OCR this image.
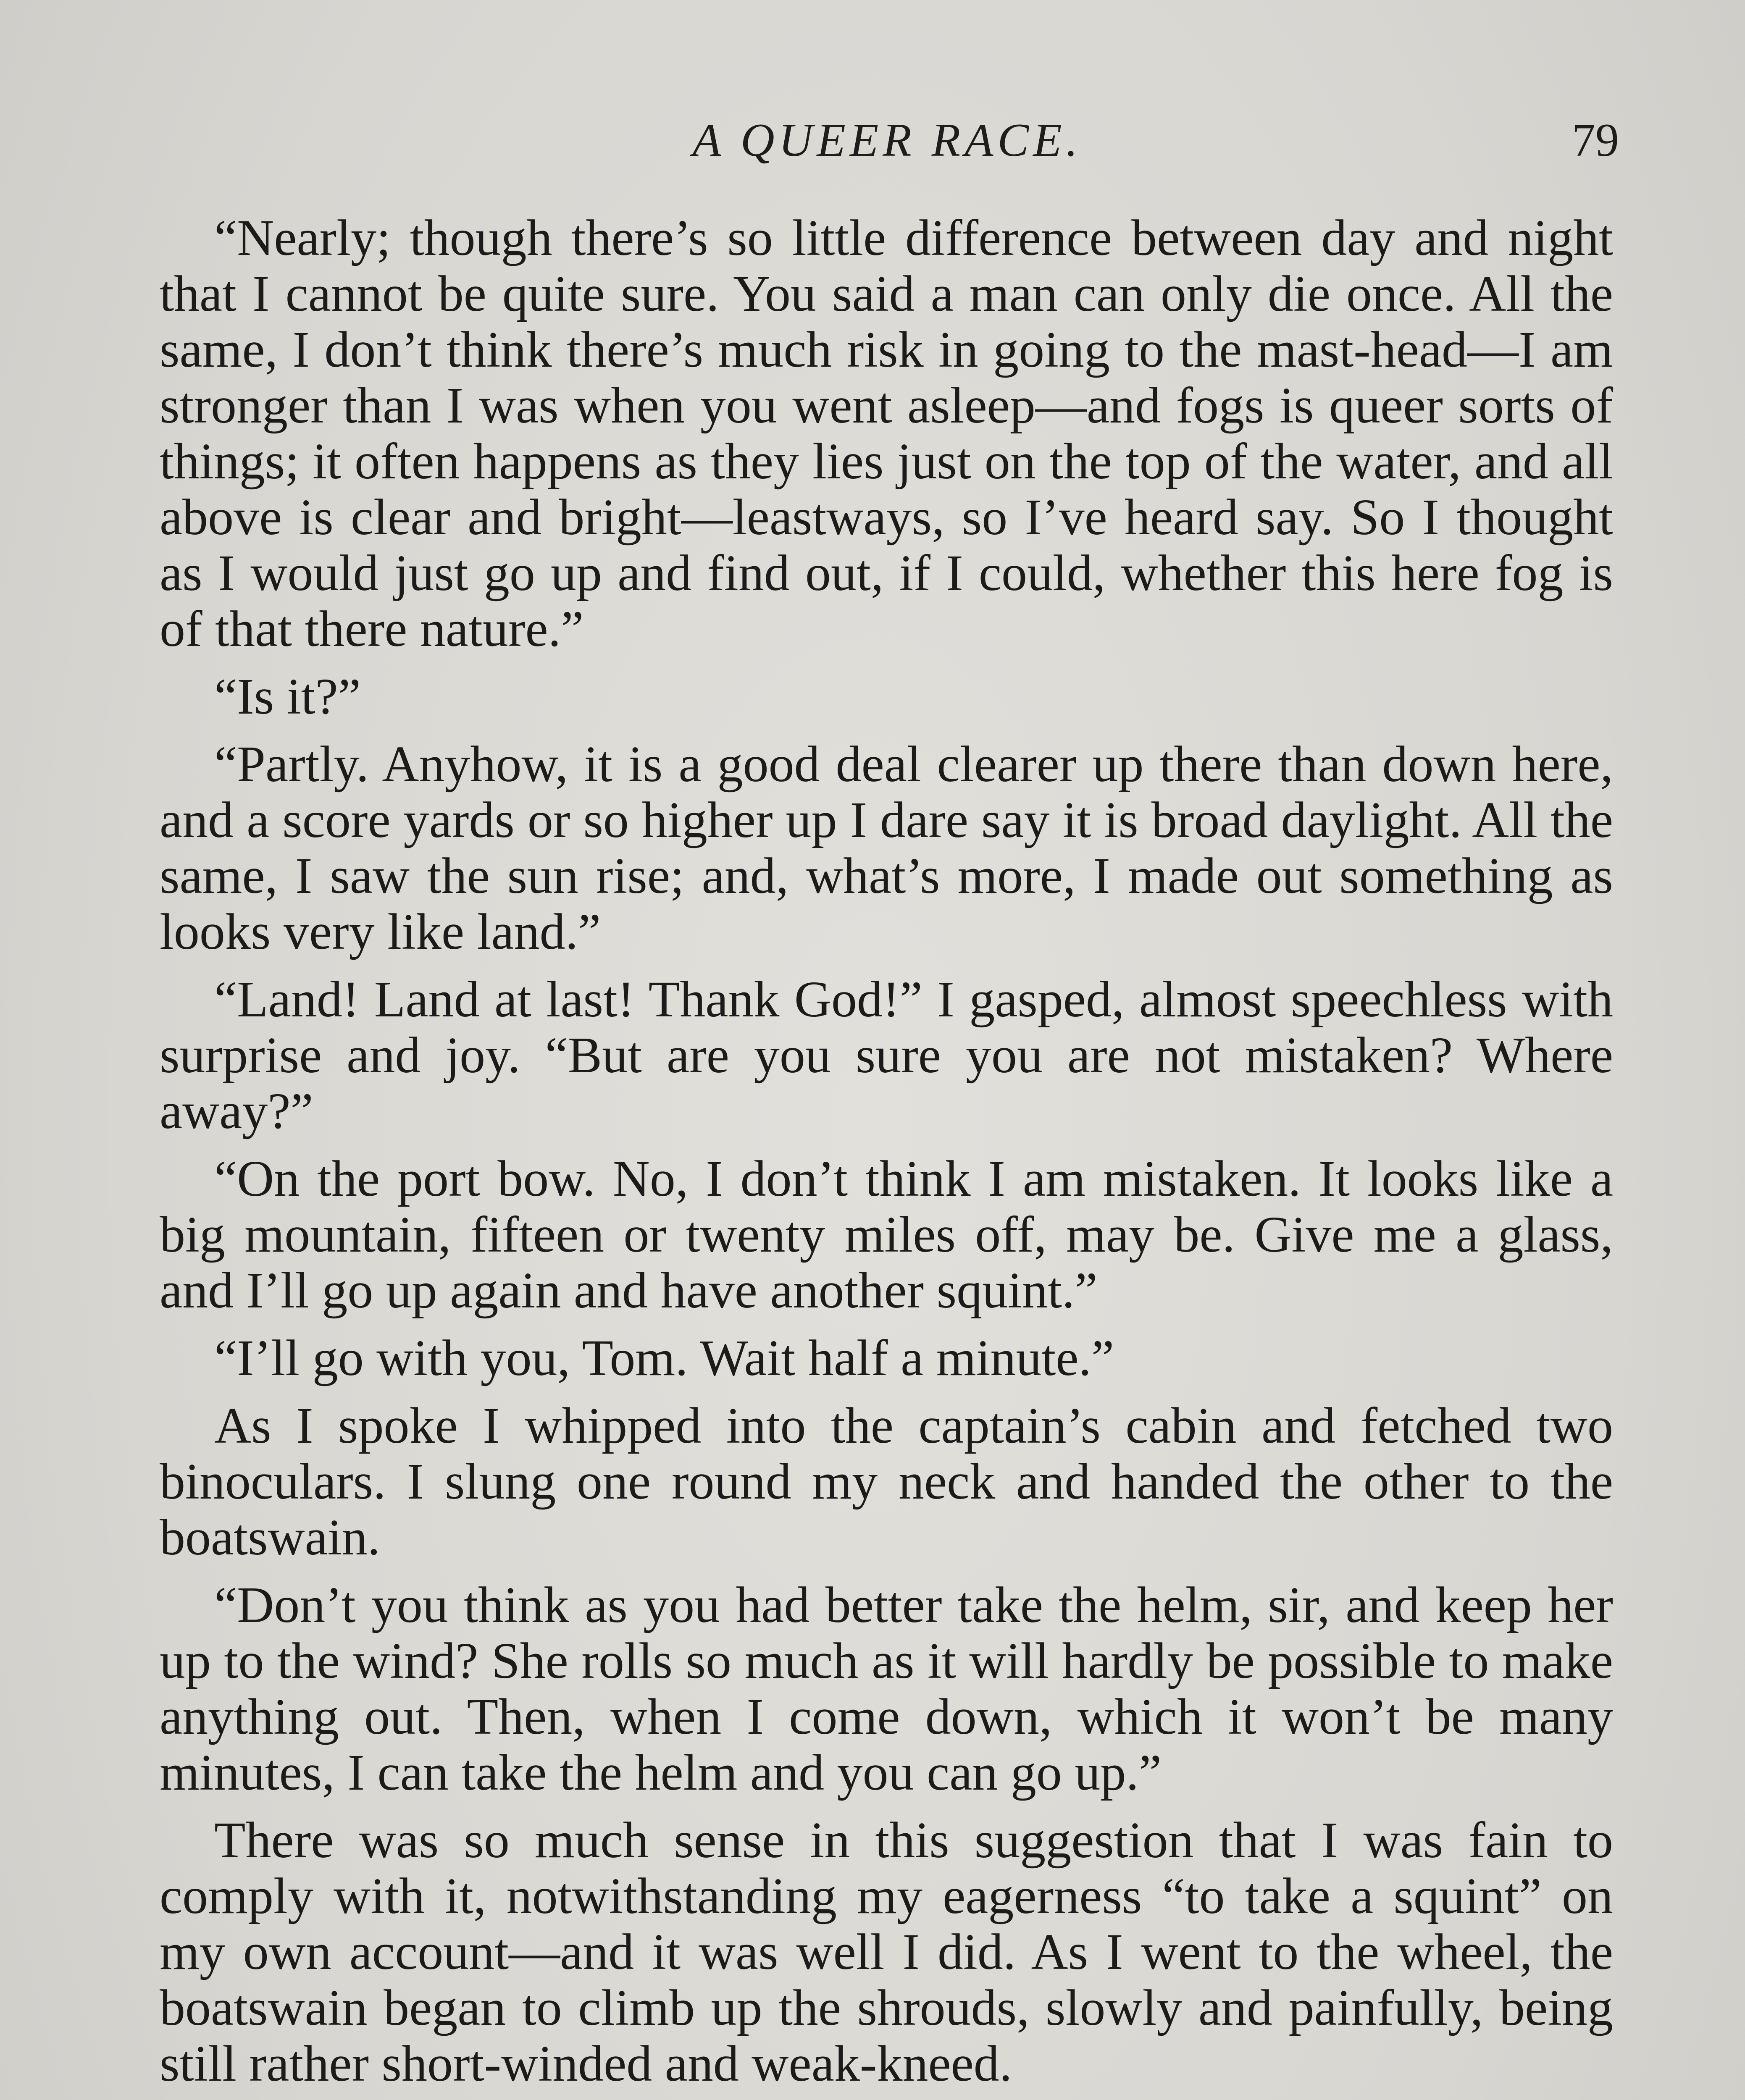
A QUEER RACE.	79

“Nearly; though there’s so little difference between day and night that I cannot be quite sure. You said a man can only die once. All the same, I don’t think there’s much risk in going to the mast-head—I am stronger than I was when you went asleep—and fogs is queer sorts of things; it often happens as they lies just on the top of the water, and all above is clear and bright—leastways, so I’ve heard say. So I thought as I would just go up and find out, if I could, whether this here fog is of that there nature.”

“Is it?”

“Partly. Anyhow, it is a good deal clearer up there than down here, and a score yards or so higher up I dare say it is broad daylight. All the same, I saw the sun rise; and, what’s more, I made out something as looks very like land.”

“Land! Land at last! Thank God!” I gasped, almost speechless with surprise and joy. “But are you sure you are not mistaken? Where away?”

“On the port bow. No, I don’t think I am mistaken. It looks like a big mountain, fifteen or twenty miles off, may be. Give me a glass, and I’ll go up again and have another squint.”

“I’ll go with you, Tom. Wait half a minute.”

As I spoke I whipped into the captain’s cabin and fetched two binoculars. I slung one round my neck and handed the other to the boatswain.

“Don’t you think as you had better take the helm, sir, and keep her up to the wind? She rolls so much as it will hardly be possible to make anything out. Then, when I come down, which it won’t be many minutes, I can take the helm and you can go up.”

There was so much sense in this suggestion that I was fain to comply with it, notwithstanding my eagerness “to take a squint” on my own account—and it was well I did. As I went to the wheel, the boatswain began to climb up the shrouds, slowly and painfully, being still rather short-winded and weak-kneed.
